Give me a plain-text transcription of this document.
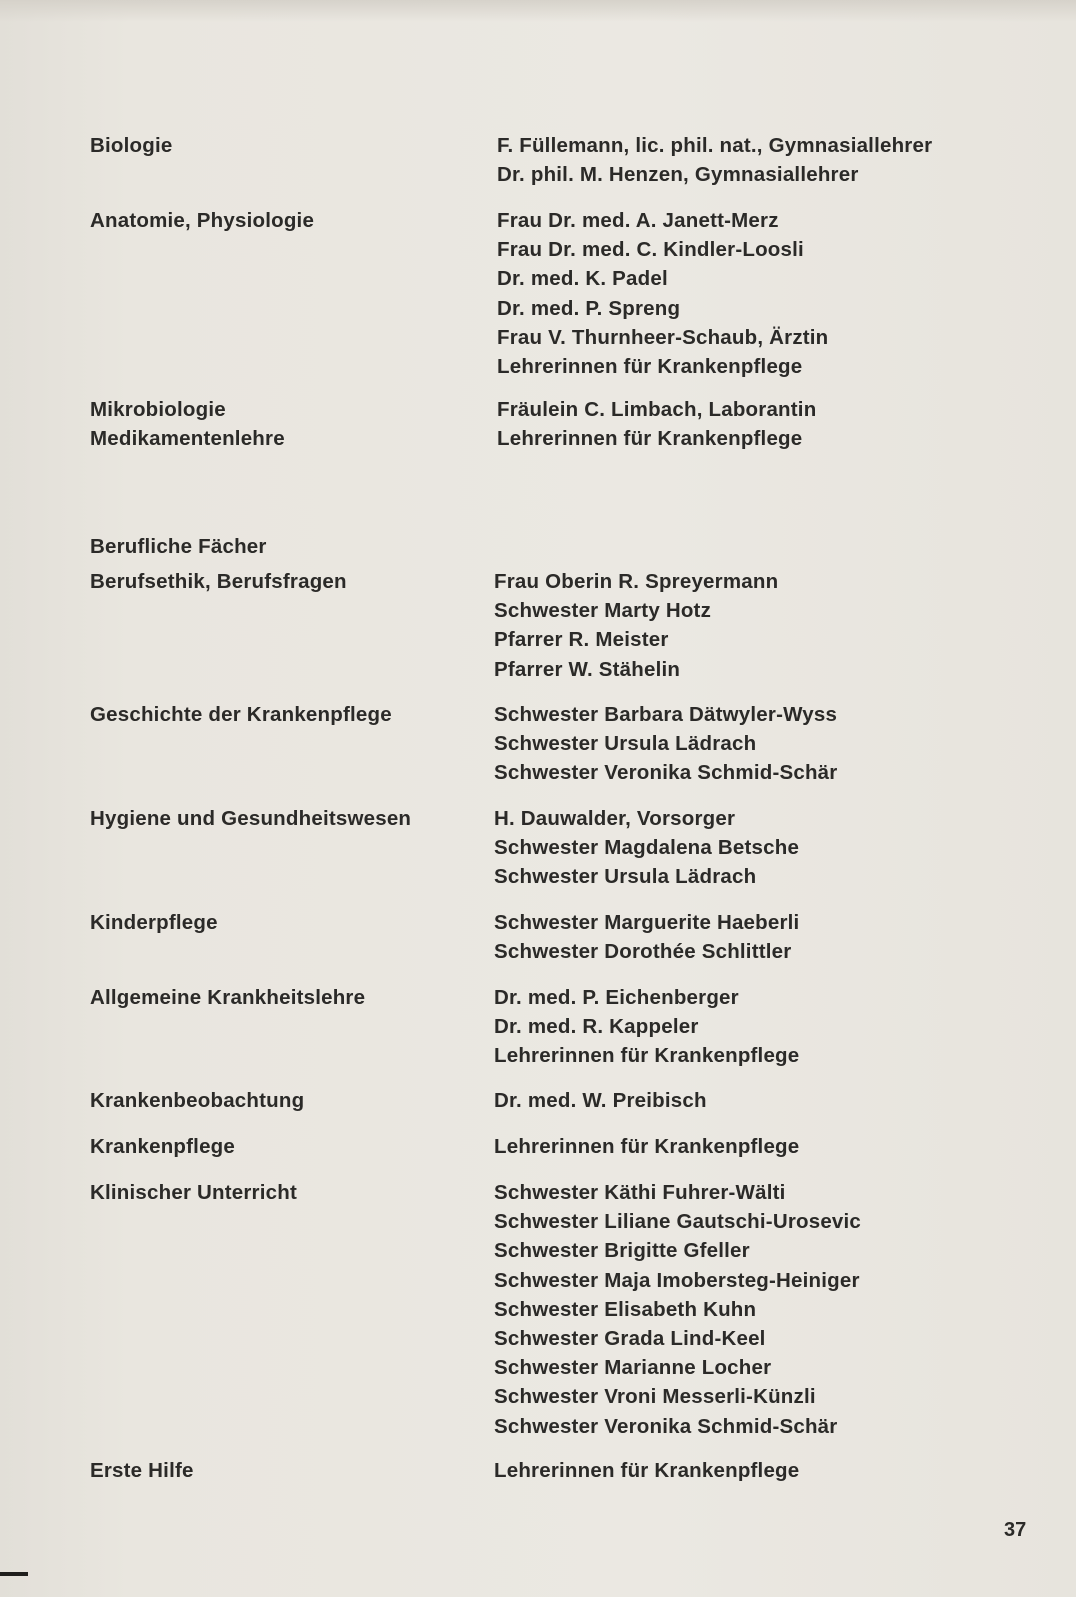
Biologie	F. Füllemann, lic. phil. nat., Gymnasiallehrer
Dr. phil. M. Henzen, Gymnasiallehrer
Anatomie, Physiologie	Frau Dr. med. A. Janett-Merz
Frau Dr. med. C. Kindler-Loosli
Dr. med. K. Padel
Dr. med. P. Spreng
Frau V. Thurnheer-Schaub, Ärztin
Lehrerinnen für Krankenpflege
Mikrobiologie	Fräulein C. Limbach, Laborantin
Medikamentenlehre	Lehrerinnen für Krankenpflege
Berufliche Fächer
Berufsethik, Berufsfragen	Frau Oberin R. Spreyermann
Schwester Marty Hotz
Pfarrer R. Meister
Pfarrer W. Stähelin
Geschichte der Krankenpflege	Schwester Barbara Dätwyler-Wyss
Schwester Ursula Lädrach
Schwester Veronika Schmid-Schär
Hygiene und Gesundheitswesen	H. Dauwalder, Vorsorger
Schwester Magdalena Betsche
Schwester Ursula Lädrach
Kinderpflege	Schwester Marguerite Haeberli
Schwester Dorothée Schlittler
Allgemeine Krankheitslehre	Dr. med. P. Eichenberger
Dr. med. R. Kappeler
Lehrerinnen für Krankenpflege
Krankenbeobachtung	Dr. med. W. Preibisch
Krankenpflege	Lehrerinnen für Krankenpflege
Klinischer Unterricht	Schwester Käthi Fuhrer-Wälti
Schwester Liliane Gautschi-Urosevic
Schwester Brigitte Gfeller
Schwester Maja Imobersteg-Heiniger
Schwester Elisabeth Kuhn
Schwester Grada Lind-Keel
Schwester Marianne Locher
Schwester Vroni Messerli-Künzli
Schwester Veronika Schmid-Schär
Erste Hilfe	Lehrerinnen für Krankenpflege
37
